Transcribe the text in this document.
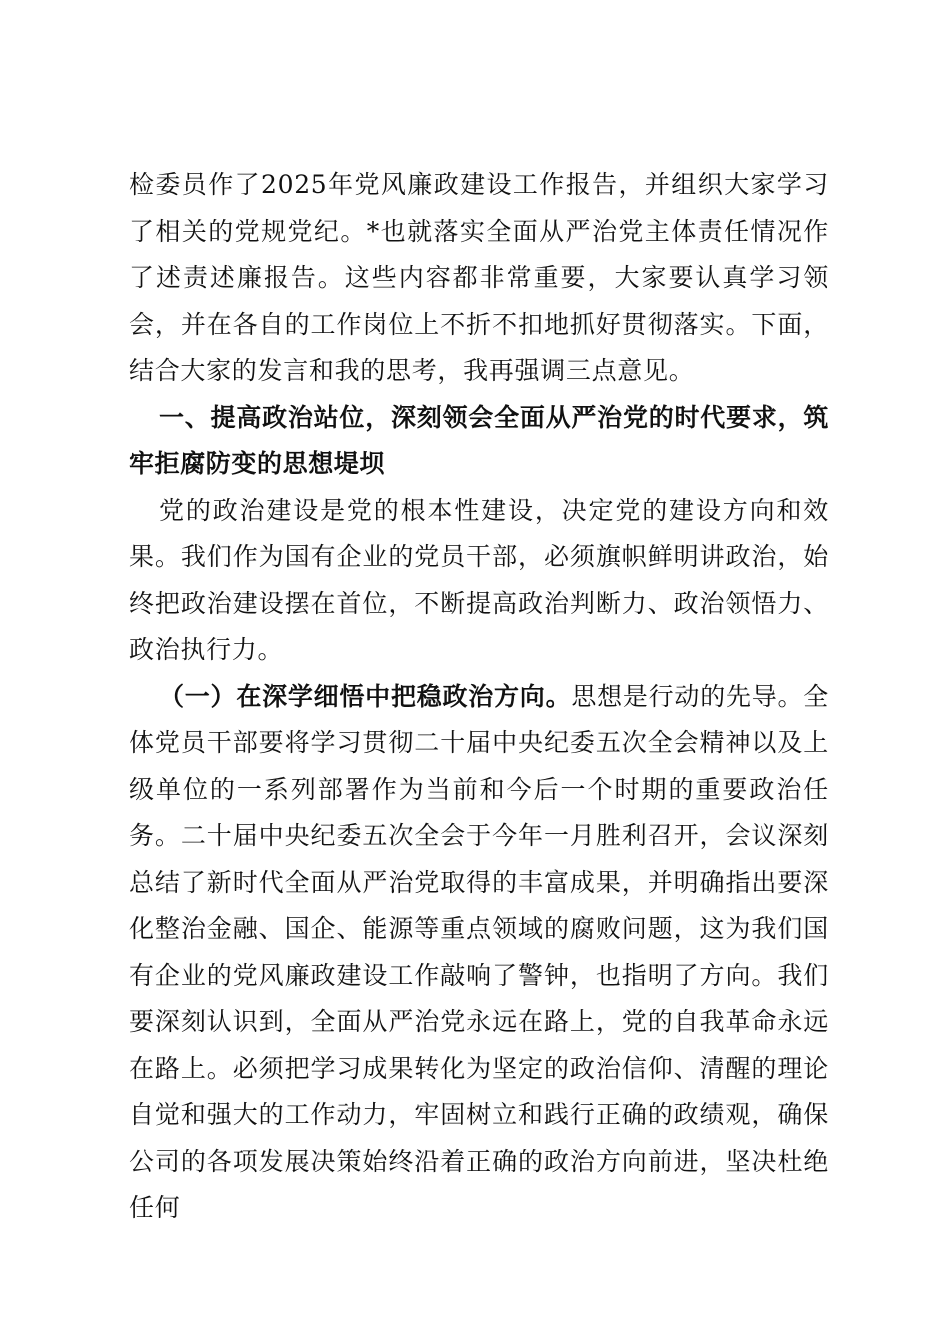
检委员作了2025年党风廉政建设工作报告，并组织大家学习了相关的党规党纪。*也就落实全面从严治党主体责任情况作了述责述廉报告。这些内容都非常重要，大家要认真学习领会，并在各自的工作岗位上不折不扣地抓好贯彻落实。下面，结合大家的发言和我的思考，我再强调三点意见。

一、提高政治站位，深刻领会全面从严治党的时代要求，筑牢拒腐防变的思想堤坝

党的政治建设是党的根本性建设，决定党的建设方向和效果。我们作为国有企业的党员干部，必须旗帜鲜明讲政治，始终把政治建设摆在首位，不断提高政治判断力、政治领悟力、政治执行力。

（一）在深学细悟中把稳政治方向。思想是行动的先导。全体党员干部要将学习贯彻二十届中央纪委五次全会精神以及上级单位的一系列部署作为当前和今后一个时期的重要政治任务。二十届中央纪委五次全会于今年一月胜利召开，会议深刻总结了新时代全面从严治党取得的丰富成果，并明确指出要深化整治金融、国企、能源等重点领域的腐败问题，这为我们国有企业的党风廉政建设工作敲响了警钟，也指明了方向。我们要深刻认识到，全面从严治党永远在路上，党的自我革命永远在路上。必须把学习成果转化为坚定的政治信仰、清醒的理论自觉和强大的工作动力，牢固树立和践行正确的政绩观，确保公司的各项发展决策始终沿着正确的政治方向前进，坚决杜绝任何
